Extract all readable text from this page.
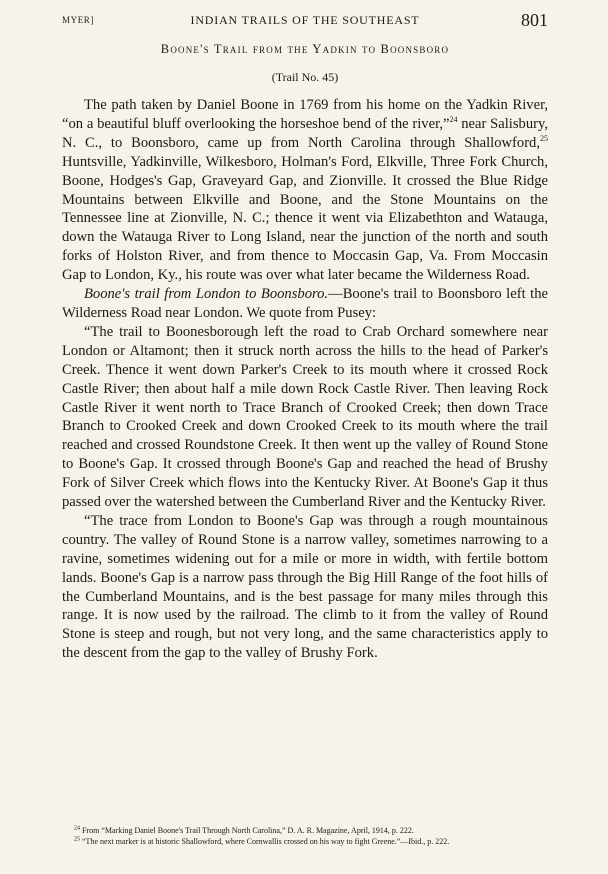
MYER]	INDIAN TRAILS OF THE SOUTHEAST	801
Boone's Trail from the Yadkin to Boonsboro
(Trail No. 45)

The path taken by Daniel Boone in 1769 from his home on the Yadkin River, “on a beautiful bluff overlooking the horseshoe bend of the river,”$^{24}$ near Salisbury, N. C., to Boonsboro, came up from North Carolina through Shallowford,$^{25}$ Huntsville, Yadkinville, Wilkesboro, Holman's Ford, Elkville, Three Fork Church, Boone, Hodges's Gap, Graveyard Gap, and Zionville. It crossed the Blue Ridge Mountains between Elkville and Boone, and the Stone Mountains on the Tennessee line at Zionville, N. C.; thence it went via Elizabethton and Watauga, down the Watauga River to Long Island, near the junction of the north and south forks of Holston River, and from thence to Moccasin Gap, Va. From Moccasin Gap to London, Ky., his route was over what later became the Wilderness Road.

Boone's trail from London to Boonsboro.—Boone's trail to Boonsboro left the Wilderness Road near London. We quote from Pusey:

“The trail to Boonesborough left the road to Crab Orchard somewhere near London or Altamont; then it struck north across the hills to the head of Parker's Creek. Thence it went down Parker's Creek to its mouth where it crossed Rock Castle River; then about half a mile down Rock Castle River. Then leaving Rock Castle River it went north to Trace Branch of Crooked Creek; then down Trace Branch to Crooked Creek and down Crooked Creek to its mouth where the trail reached and crossed Roundstone Creek. It then went up the valley of Round Stone to Boone's Gap. It crossed through Boone's Gap and reached the head of Brushy Fork of Silver Creek which flows into the Kentucky River. At Boone's Gap it thus passed over the watershed between the Cumberland River and the Kentucky River.

“The trace from London to Boone's Gap was through a rough mountainous country. The valley of Round Stone is a narrow valley, sometimes narrowing to a ravine, sometimes widening out for a mile or more in width, with fertile bottom lands. Boone's Gap is a narrow pass through the Big Hill Range of the foot hills of the Cumberland Mountains, and is the best passage for many miles through this range. It is now used by the railroad. The climb to it from the valley of Round Stone is steep and rough, but not very long, and the same characteristics apply to the descent from the gap to the valley of Brushy Fork.

$^{24}$ From “Marking Daniel Boone's Trail Through North Carolina,” D. A. R. Magazine, April, 1914, p. 222.

$^{25}$ “The next marker is at historic Shallowford, where Cornwallis crossed on his way to fight Greene.”—Ibid., p. 222.
